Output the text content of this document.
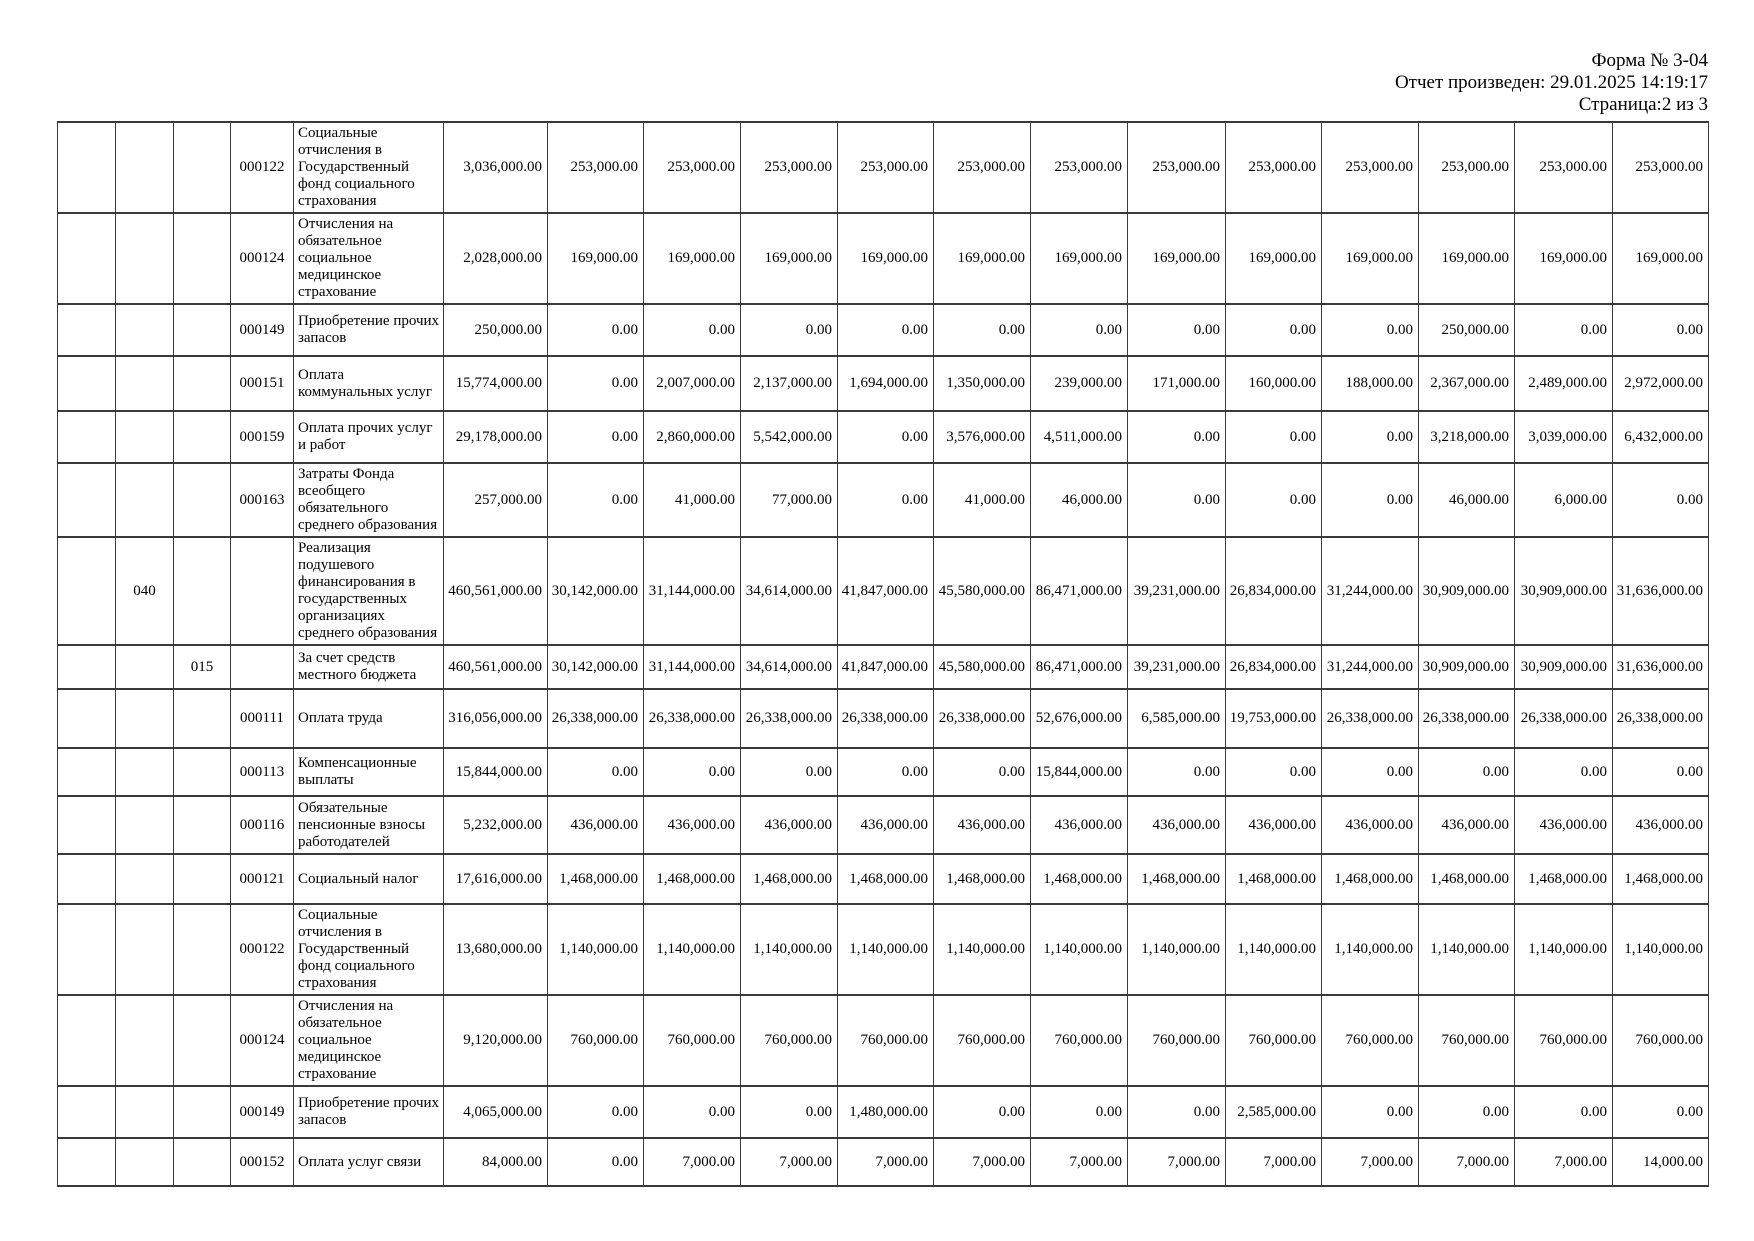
Форма № 3-04
Отчет произведен: 29.01.2025 14:19:17
Страница:2 из 3
			000122	Социальные отчисления в Государственный фонд социального страхования	3,036,000.00	253,000.00	253,000.00	253,000.00	253,000.00	253,000.00	253,000.00	253,000.00	253,000.00	253,000.00	253,000.00	253,000.00	253,000.00
			000124	Отчисления на обязательное социальное медицинское страхование	2,028,000.00	169,000.00	169,000.00	169,000.00	169,000.00	169,000.00	169,000.00	169,000.00	169,000.00	169,000.00	169,000.00	169,000.00	169,000.00
			000149	Приобретение прочих запасов	250,000.00	0.00	0.00	0.00	0.00	0.00	0.00	0.00	0.00	0.00	250,000.00	0.00	0.00
			000151	Оплата коммунальных услуг	15,774,000.00	0.00	2,007,000.00	2,137,000.00	1,694,000.00	1,350,000.00	239,000.00	171,000.00	160,000.00	188,000.00	2,367,000.00	2,489,000.00	2,972,000.00
			000159	Оплата прочих услуг и работ	29,178,000.00	0.00	2,860,000.00	5,542,000.00	0.00	3,576,000.00	4,511,000.00	0.00	0.00	0.00	3,218,000.00	3,039,000.00	6,432,000.00
			000163	Затраты Фонда всеобщего обязательного среднего образования	257,000.00	0.00	41,000.00	77,000.00	0.00	41,000.00	46,000.00	0.00	0.00	0.00	46,000.00	6,000.00	0.00
	040			Реализация подушевого финансирования в государственных организациях среднего образования	460,561,000.00	30,142,000.00	31,144,000.00	34,614,000.00	41,847,000.00	45,580,000.00	86,471,000.00	39,231,000.00	26,834,000.00	31,244,000.00	30,909,000.00	30,909,000.00	31,636,000.00
		015		За счет средств местного бюджета	460,561,000.00	30,142,000.00	31,144,000.00	34,614,000.00	41,847,000.00	45,580,000.00	86,471,000.00	39,231,000.00	26,834,000.00	31,244,000.00	30,909,000.00	30,909,000.00	31,636,000.00
			000111	Оплата труда	316,056,000.00	26,338,000.00	26,338,000.00	26,338,000.00	26,338,000.00	26,338,000.00	52,676,000.00	6,585,000.00	19,753,000.00	26,338,000.00	26,338,000.00	26,338,000.00	26,338,000.00
			000113	Компенсационные выплаты	15,844,000.00	0.00	0.00	0.00	0.00	0.00	15,844,000.00	0.00	0.00	0.00	0.00	0.00	0.00
			000116	Обязательные пенсионные взносы работодателей	5,232,000.00	436,000.00	436,000.00	436,000.00	436,000.00	436,000.00	436,000.00	436,000.00	436,000.00	436,000.00	436,000.00	436,000.00	436,000.00
			000121	Социальный налог	17,616,000.00	1,468,000.00	1,468,000.00	1,468,000.00	1,468,000.00	1,468,000.00	1,468,000.00	1,468,000.00	1,468,000.00	1,468,000.00	1,468,000.00	1,468,000.00	1,468,000.00
			000122	Социальные отчисления в Государственный фонд социального страхования	13,680,000.00	1,140,000.00	1,140,000.00	1,140,000.00	1,140,000.00	1,140,000.00	1,140,000.00	1,140,000.00	1,140,000.00	1,140,000.00	1,140,000.00	1,140,000.00	1,140,000.00
			000124	Отчисления на обязательное социальное медицинское страхование	9,120,000.00	760,000.00	760,000.00	760,000.00	760,000.00	760,000.00	760,000.00	760,000.00	760,000.00	760,000.00	760,000.00	760,000.00	760,000.00
			000149	Приобретение прочих запасов	4,065,000.00	0.00	0.00	0.00	1,480,000.00	0.00	0.00	0.00	2,585,000.00	0.00	0.00	0.00	0.00
			000152	Оплата услуг связи	84,000.00	0.00	7,000.00	7,000.00	7,000.00	7,000.00	7,000.00	7,000.00	7,000.00	7,000.00	7,000.00	7,000.00	14,000.00
